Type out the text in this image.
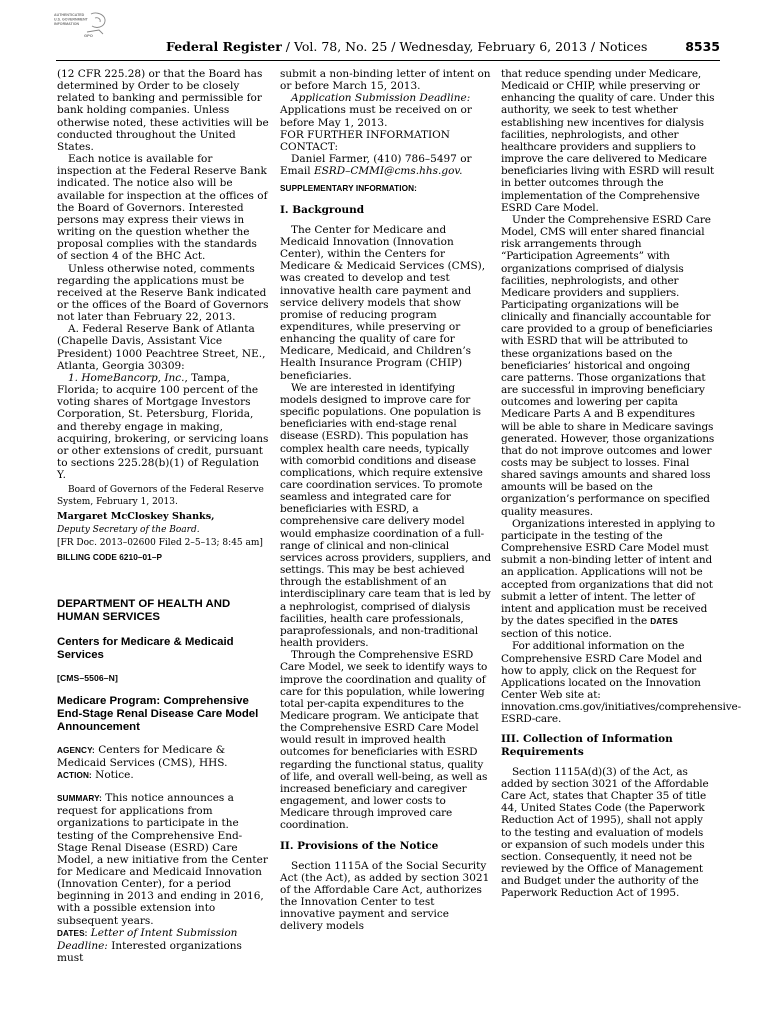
AUTHENTICATED
U.S. GOVERNMENT
INFORMATION
GPO
Federal Register / Vol. 78, No. 25 / Wednesday, February 6, 2013 / Notices	8535

(12 CFR 225.28) or that the Board has determined by Order to be closely related to banking and permissible for bank holding companies. Unless otherwise noted, these activities will be conducted throughout the United States.

Each notice is available for inspection at the Federal Reserve Bank indicated. The notice also will be available for inspection at the offices of the Board of Governors. Interested persons may express their views in writing on the question whether the proposal complies with the standards of section 4 of the BHC Act.

Unless otherwise noted, comments regarding the applications must be received at the Reserve Bank indicated or the offices of the Board of Governors not later than February 22, 2013.

A. Federal Reserve Bank of Atlanta (Chapelle Davis, Assistant Vice President) 1000 Peachtree Street, NE., Atlanta, Georgia 30309:

1. HomeBancorp, Inc., Tampa, Florida; to acquire 100 percent of the voting shares of Mortgage Investors Corporation, St. Petersburg, Florida, and thereby engage in making, acquiring, brokering, or servicing loans or other extensions of credit, pursuant to sections 225.28(b)(1) of Regulation Y.

Board of Governors of the Federal Reserve System, February 1, 2013.

Margaret McCloskey Shanks,

Deputy Secretary of the Board.

[FR Doc. 2013–02600 Filed 2–5–13; 8:45 am]

BILLING CODE 6210–01–P

DEPARTMENT OF HEALTH AND HUMAN SERVICES

Centers for Medicare & Medicaid Services

[CMS–5506–N]

Medicare Program: Comprehensive End-Stage Renal Disease Care Model Announcement

AGENCY: Centers for Medicare & Medicaid Services (CMS), HHS.

ACTION: Notice.

SUMMARY: This notice announces a request for applications from organizations to participate in the testing of the Comprehensive End-Stage Renal Disease (ESRD) Care Model, a new initiative from the Center for Medicare and Medicaid Innovation (Innovation Center), for a period beginning in 2013 and ending in 2016, with a possible extension into subsequent years.

DATES: Letter of Intent Submission Deadline: Interested organizations must

submit a non-binding letter of intent on or before March 15, 2013.

Application Submission Deadline: Applications must be received on or before May 1, 2013.

FOR FURTHER INFORMATION CONTACT:

Daniel Farmer, (410) 786–5497 or Email ESRD–CMMI@cms.hhs.gov.

SUPPLEMENTARY INFORMATION:

I. Background

The Center for Medicare and Medicaid Innovation (Innovation Center), within the Centers for Medicare & Medicaid Services (CMS), was created to develop and test innovative health care payment and service delivery models that show promise of reducing program expenditures, while preserving or enhancing the quality of care for Medicare, Medicaid, and Children’s Health Insurance Program (CHIP) beneficiaries.

We are interested in identifying models designed to improve care for specific populations. One population is beneficiaries with end-stage renal disease (ESRD). This population has complex health care needs, typically with comorbid conditions and disease complications, which require extensive care coordination services. To promote seamless and integrated care for beneficiaries with ESRD, a comprehensive care delivery model would emphasize coordination of a full-range of clinical and non-clinical services across providers, suppliers, and settings. This may be best achieved through the establishment of an interdisciplinary care team that is led by a nephrologist, comprised of dialysis facilities, health care professionals, paraprofessionals, and non-traditional health providers.

Through the Comprehensive ESRD Care Model, we seek to identify ways to improve the coordination and quality of care for this population, while lowering total per-capita expenditures to the Medicare program. We anticipate that the Comprehensive ESRD Care Model would result in improved health outcomes for beneficiaries with ESRD regarding the functional status, quality of life, and overall well-being, as well as increased beneficiary and caregiver engagement, and lower costs to Medicare through improved care coordination.

II. Provisions of the Notice

Section 1115A of the Social Security Act (the Act), as added by section 3021 of the Affordable Care Act, authorizes the Innovation Center to test innovative payment and service delivery models

that reduce spending under Medicare, Medicaid or CHIP, while preserving or enhancing the quality of care. Under this authority, we seek to test whether establishing new incentives for dialysis facilities, nephrologists, and other healthcare providers and suppliers to improve the care delivered to Medicare beneficiaries living with ESRD will result in better outcomes through the implementation of the Comprehensive ESRD Care Model.

Under the Comprehensive ESRD Care Model, CMS will enter shared financial risk arrangements through “Participation Agreements” with organizations comprised of dialysis facilities, nephrologists, and other Medicare providers and suppliers. Participating organizations will be clinically and financially accountable for care provided to a group of beneficiaries with ESRD that will be attributed to these organizations based on the beneficiaries’ historical and ongoing care patterns. Those organizations that are successful in improving beneficiary outcomes and lowering per capita Medicare Parts A and B expenditures will be able to share in Medicare savings generated. However, those organizations that do not improve outcomes and lower costs may be subject to losses. Final shared savings amounts and shared loss amounts will be based on the organization’s performance on specified quality measures.

Organizations interested in applying to participate in the testing of the Comprehensive ESRD Care Model must submit a non-binding letter of intent and an application. Applications will not be accepted from organizations that did not submit a letter of intent. The letter of intent and application must be received by the dates specified in the DATES section of this notice.

For additional information on the Comprehensive ESRD Care Model and how to apply, click on the Request for Applications located on the Innovation Center Web site at: innovation.cms.gov/initiatives/comprehensive-ESRD-care.

III. Collection of Information Requirements

Section 1115A(d)(3) of the Act, as added by section 3021 of the Affordable Care Act, states that Chapter 35 of title 44, United States Code (the Paperwork Reduction Act of 1995), shall not apply to the testing and evaluation of models or expansion of such models under this section. Consequently, it need not be reviewed by the Office of Management and Budget under the authority of the Paperwork Reduction Act of 1995.
